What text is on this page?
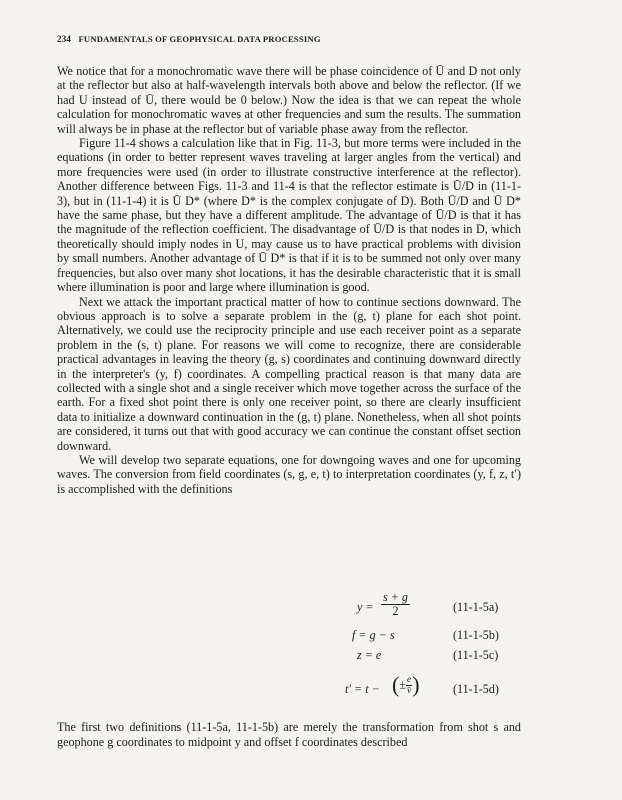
234 FUNDAMENTALS OF GEOPHYSICAL DATA PROCESSING

We notice that for a monochromatic wave there will be phase coincidence of Ū and D not only at the reflector but also at half-wavelength intervals both above and below the reflector. (If we had U instead of Ū, there would be 0 below.) Now the idea is that we can repeat the whole calculation for monochromatic waves at other frequencies and sum the results. The summation will always be in phase at the reflector but of variable phase away from the reflector.

Figure 11-4 shows a calculation like that in Fig. 11-3, but more terms were included in the equations (in order to better represent waves traveling at larger angles from the vertical) and more frequencies were used (in order to illustrate constructive interference at the reflector). Another difference between Figs. 11-3 and 11-4 is that the reflector estimate is Ū/D in (11-1-3), but in (11-1-4) it is Ū D* (where D* is the complex conjugate of D). Both Ū/D and Ū D* have the same phase, but they have a different amplitude. The advantage of Ū/D is that it has the magnitude of the reflection coefficient. The disadvantage of Ū/D is that nodes in D, which theoretically should imply nodes in U, may cause us to have practical problems with division by small numbers. Another advantage of Ū D* is that if it is to be summed not only over many frequencies, but also over many shot locations, it has the desirable characteristic that it is small where illumination is poor and large where illumination is good.

Next we attack the important practical matter of how to continue sections downward. The obvious approach is to solve a separate problem in the (g, t) plane for each shot point. Alternatively, we could use the reciprocity principle and use each receiver point as a separate problem in the (s, t) plane. For reasons we will come to recognize, there are considerable practical advantages in leaving the theory (g, s) coordinates and continuing downward directly in the interpreter's (y, f) coordinates. A compelling practical reason is that many data are collected with a single shot and a single receiver which move together across the surface of the earth. For a fixed shot point there is only one receiver point, so there are clearly insufficient data to initialize a downward continuation in the (g, t) plane. Nonetheless, when all shot points are considered, it turns out that with good accuracy we can continue the constant offset section downward.

We will develop two separate equations, one for downgoing waves and one for upcoming waves. The conversion from field coordinates (s, g, e, t) to interpretation coordinates (y, f, z, t′) is accomplished with the definitions

$y = \frac{s + g}{2}$	(11-1-5a)
f = g − s	(11-1-5b)
z = e	(11-1-5c)
t′ = t − (± $\frac{e}{v̄}$ )	(11-1-5d)

The first two definitions (11-1-5a, 11-1-5b) are merely the transformation from shot s and geophone g coordinates to midpoint y and offset f coordinates described
